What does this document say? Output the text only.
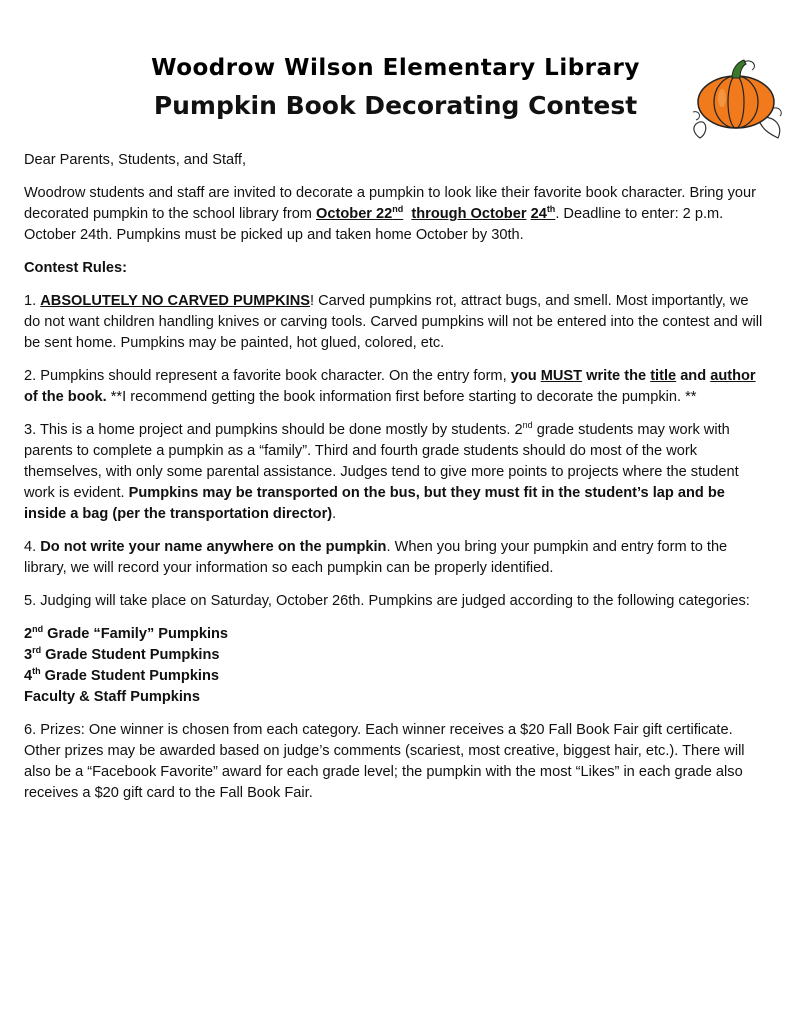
Woodrow Wilson Elementary Library
Pumpkin Book Decorating Contest

Dear Parents, Students, and Staff,

Woodrow students and staff are invited to decorate a pumpkin to look like their favorite book character. Bring your decorated pumpkin to the school library from October 22nd through October 24th. Deadline to enter: 2 p.m. October 24th. Pumpkins must be picked up and taken home October by 30th.

Contest Rules:

1. ABSOLUTELY NO CARVED PUMPKINS! Carved pumpkins rot, attract bugs, and smell. Most importantly, we do not want children handling knives or carving tools. Carved pumpkins will not be entered into the contest and will be sent home. Pumpkins may be painted, hot glued, colored, etc.

2. Pumpkins should represent a favorite book character. On the entry form, you MUST write the title and author of the book. **I recommend getting the book information first before starting to decorate the pumpkin. **

3. This is a home project and pumpkins should be done mostly by students. 2nd grade students may work with parents to complete a pumpkin as a “family”. Third and fourth grade students should do most of the work themselves, with only some parental assistance. Judges tend to give more points to projects where the student work is evident. Pumpkins may be transported on the bus, but they must fit in the student’s lap and be inside a bag (per the transportation director).

4. Do not write your name anywhere on the pumpkin. When you bring your pumpkin and entry form to the library, we will record your information so each pumpkin can be properly identified.

5. Judging will take place on Saturday, October 26th. Pumpkins are judged according to the following categories:

2nd Grade “Family” Pumpkins
3rd Grade Student Pumpkins
4th Grade Student Pumpkins
Faculty & Staff Pumpkins

6. Prizes: One winner is chosen from each category. Each winner receives a $20 Fall Book Fair gift certificate. Other prizes may be awarded based on judge’s comments (scariest, most creative, biggest hair, etc.). There will also be a “Facebook Favorite” award for each grade level; the pumpkin with the most “Likes” in each grade also receives a $20 gift card to the Fall Book Fair.
